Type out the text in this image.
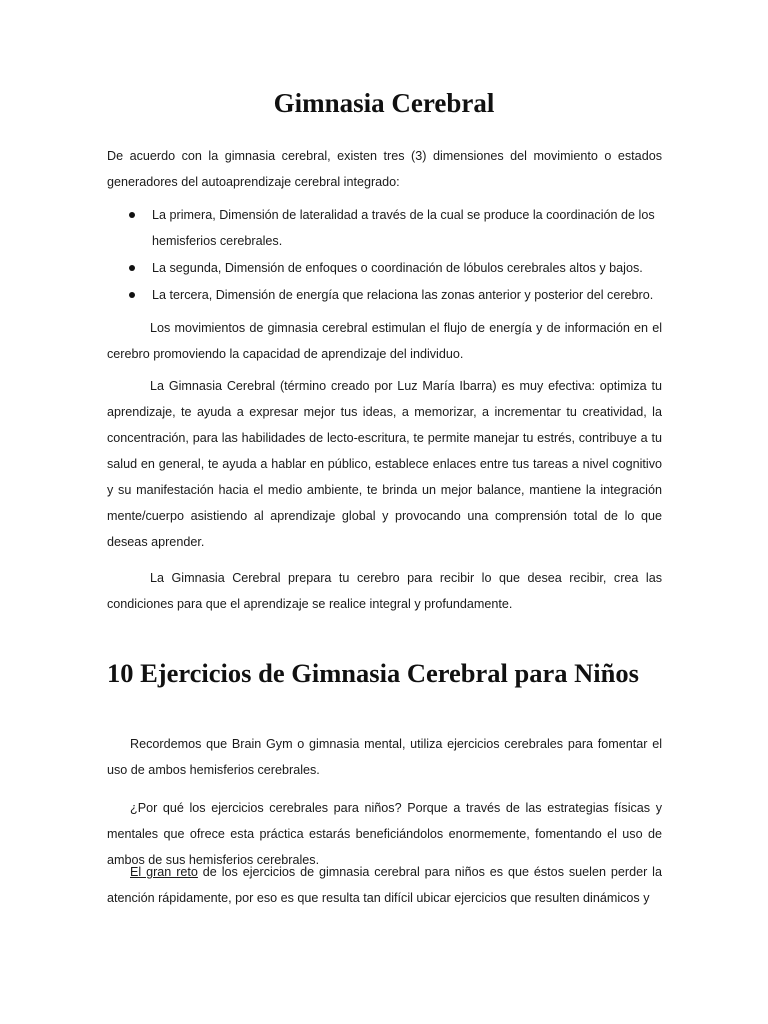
Gimnasia Cerebral

De acuerdo con la gimnasia cerebral, existen tres (3) dimensiones del movimiento o estados generadores del autoaprendizaje cerebral integrado:

La primera, Dimensión de lateralidad a través de la cual se produce la coordinación de los hemisferios cerebrales.
La segunda, Dimensión de enfoques o coordinación de lóbulos cerebrales altos y bajos.
La tercera, Dimensión de energía que relaciona las zonas anterior y posterior del cerebro.

Los movimientos de gimnasia cerebral estimulan el flujo de energía y de información en el cerebro promoviendo la capacidad de aprendizaje del individuo.

La Gimnasia Cerebral (término creado por Luz María Ibarra) es muy efectiva: optimiza tu aprendizaje, te ayuda a expresar mejor tus ideas, a memorizar, a incrementar tu creatividad, la concentración, para las habilidades de lecto-escritura, te permite manejar tu estrés, contribuye a tu salud en general, te ayuda a hablar en público, establece enlaces entre tus tareas a nivel cognitivo y su manifestación hacia el medio ambiente, te brinda un mejor balance, mantiene la integración mente/cuerpo asistiendo al aprendizaje global y provocando una comprensión total de lo que deseas aprender.

La Gimnasia Cerebral prepara tu cerebro para recibir lo que desea recibir, crea las condiciones para que el aprendizaje se realice integral y profundamente.

10 Ejercicios de Gimnasia Cerebral para Niños

Recordemos que Brain Gym o gimnasia mental, utiliza ejercicios cerebrales para fomentar el uso de ambos hemisferios cerebrales.

¿Por qué los ejercicios cerebrales para niños? Porque a través de las estrategias físicas y mentales que ofrece esta práctica estarás beneficiándolos enormemente, fomentando el uso de ambos de sus hemisferios cerebrales.

El gran reto de los ejercicios de gimnasia cerebral para niños es que éstos suelen perder la atención rápidamente, por eso es que resulta tan difícil ubicar ejercicios que resulten dinámicos y
